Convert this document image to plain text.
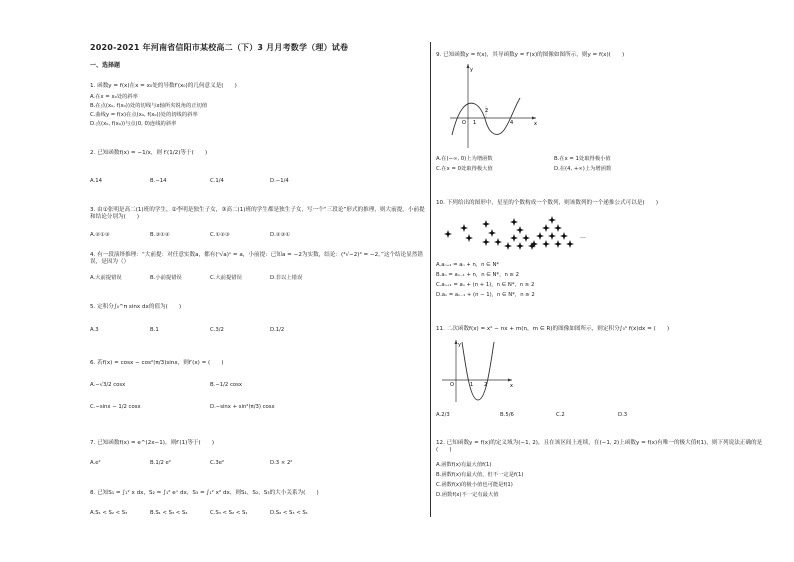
2020-2021 年河南省信阳市某校高二（下）3 月月考数学（理）试卷
一、选择题
1. 函数y = f(x)在x = x₀处的导数f′(x₀)的几何意义是(　　)
A.在x = x₀处的斜率
B.在点(x₀, f(x₀))处的切线与x轴所夹锐角的正切值
C.曲线y = f(x)在点(x₀, f(x₀))处的切线的斜率
D.点(x₀, f(x₀))与点(0, 0)连线的斜率
2. 已知函数f(x) = −1/x，则 f′(1/2)等于(　　)
A.14	B.−14	C.1/4	D.−1/4
3. 由①张明是高二(1)班的学生，②李明是独生子女，③高二(1)班的学生都是独生子女，写一个“三段论”形式的推理，则大前提，小前提和结论分别为(　　)
A.②①③	B.③①②	C.①②③	D.②③①
4. 有一段演绎推理：“大前提：对任意实数a，都有(ⁿ√a)ⁿ = a，小前提：已知a = −2为实数，结论：(⁴√−2)⁴ = −2，”这个结论显然错误，是因为（）
A.大前提错误	B.小前提错误	C.大前提错误	D.非以上错误
5. 定积分∫₀^π sinx dx的值为(　　)
A.3	B.1	C.3/2	D.1/2
6. 若f(x) = cosx − cos²(π/3)sinx，则f′(x) = (　　)
A.−√3/2 cosx	B.−1/2 cosx
C.−sinx − 1/2 cosx	D.−sinx + sin²(π/3) cosx
7. 已知函数f(x) = e^(2x−1)，则f′(1)等于(　　)
A.e²	B.1/2 e²	C.3e²	D.3 × 2²
8. 已知S₁ = ∫₁² x dx，S₂ = ∫₁² eˣ dx，S₃ = ∫₁² x² dx，则S₁，S₂，S₃的大小关系为(　　)
A.S₁ < S₂ < S₃	B.S₁ < S₃ < S₂	C.S₃ < S₂ < S₁	D.S₂ < S₃ < S₁
9. 已知函数y = f(x)，其导函数y = f′(x)的图像如图所示，则y = f(x)(　　)
y
O	x
1
2
4
A.在(−∞, 0)上为增函数	B.在x = 1处取得极小值
C.在x = 0处取得极大值	D.在(4, +∞)上为增函数
10. 下列给出的图形中，星星的个数构成一个数列，则该数列的一个递推公式可以是(　　)
…
A.aₙ₊₁ = aₙ + n，n ∈ N*
B.aₙ = aₙ₋₁ + n，n ∈ N*，n ≥ 2
C.aₙ₊₁ = aₙ + (n + 1)，n ∈ N*，n ≥ 2
D.aₙ = aₙ₋₁ + (n − 1)，n ∈ N*，n ≥ 2
11. 二次函数f(x) = x² − nx + m(n，m ∈ R)的图像如图所示，则定积分∫₀¹ f(x)dx = (　　)
y
O	x
1 2
A.2/3	B.5/6	C.2	D.3
12. 已知函数y = f(x)的定义域为(−1, 2)，且在该区间上连续，在(−1, 2)上函数y = f(x)有唯一的极大值f(1)，则下列说法正确的是(　　)
A.函数f(x)有最大值f(1)
B.函数f(x)有最大值，但不一定是f(1)
C.函数f(x)的极小值也可能是f(1)
D.函数f(x)不一定有最大值
